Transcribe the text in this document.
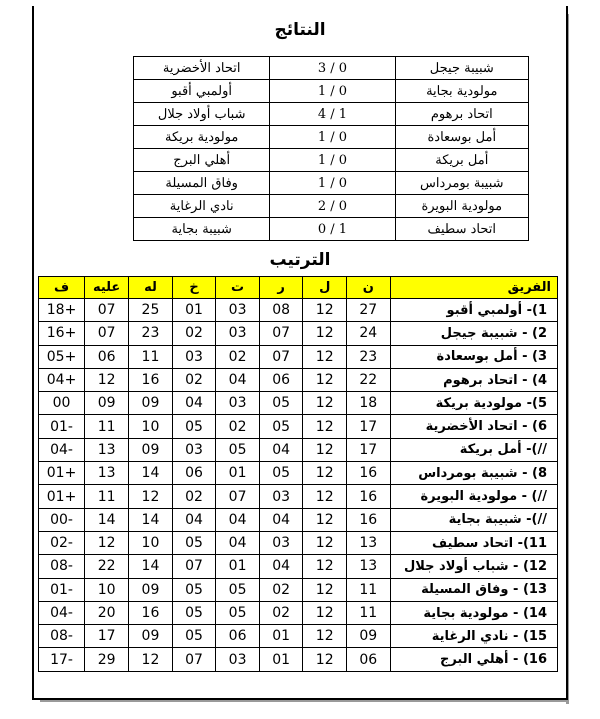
النتائج
اتحاد الأخضرية	3 / 0	شبيبة جيجل
أولمبي أقبو	1 / 0	مولودية بجاية
شباب أولاد جلال	4 / 1	اتحاد برهوم
مولودية بريكة	1 / 0	أمل بوسعادة
أهلي البرج	1 / 0	أمل بريكة
وفاق المسيلة	1 / 0	شبيبة بومرداس
نادي الرغاية	2 / 0	مولودية البويرة
شبيبة بجاية	0 / 1	اتحاد سطيف
الترتيب
ف	عليه	له	خ	ت	ر	ل	ن	الفريق
18+	07	25	01	03	08	12	27	1)- أولمبي أقبو
16+	07	23	02	03	07	12	24	2) - شبيبة جيجل
05+	06	11	03	02	07	12	23	3) - أمل بوسعادة
04+	12	16	02	04	06	12	22	4) - اتحاد برهوم
00	09	09	04	03	05	12	18	5)- مولودية بريكة
01-	11	10	05	02	05	12	17	6) - اتحاد الأخضرية
04-	13	09	03	05	04	12	17	//)- أمل بريكة
01+	13	14	06	01	05	12	16	8) - شبيبة بومرداس
01+	11	12	02	07	03	12	16	//) - مولودية البويرة
00-	14	14	04	04	04	12	16	//)- شبيبة بجاية
02-	12	10	05	04	03	12	13	11)- اتحاد سطيف
08-	22	14	07	01	04	12	13	12) - شباب أولاد جلال
01-	10	09	05	05	02	12	11	13) - وفاق المسيلة
04-	20	16	05	05	02	12	11	14) - مولودية بجاية
08-	17	09	05	06	01	12	09	15) - نادي الرغاية
17-	29	12	07	03	01	12	06	16) - أهلي البرج
